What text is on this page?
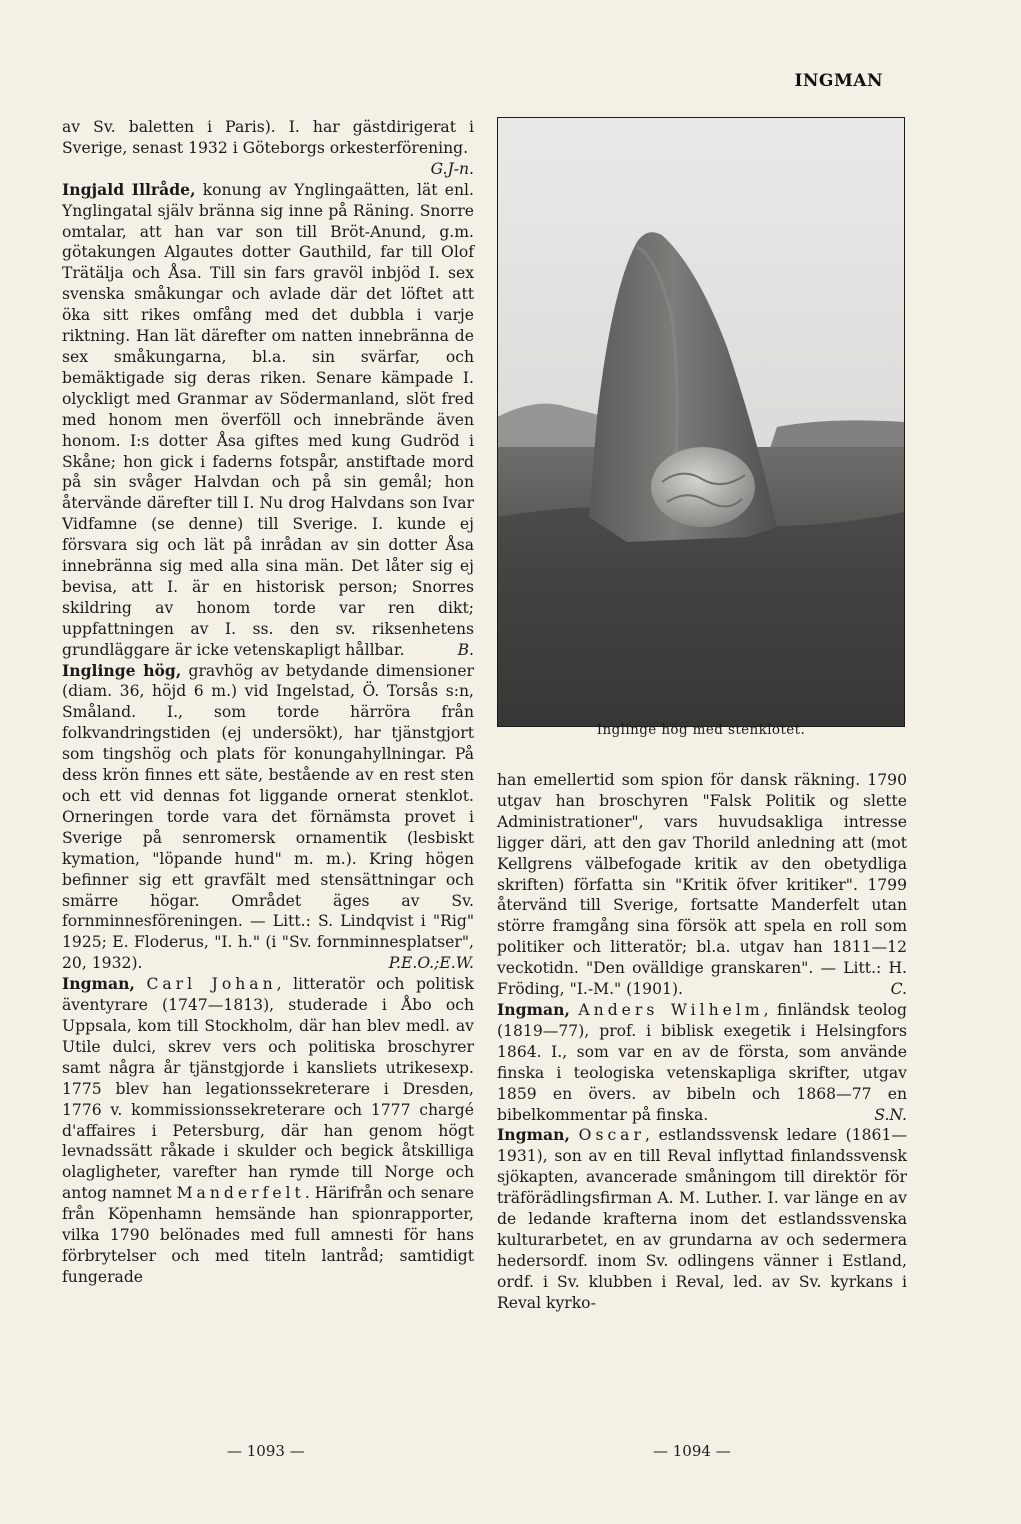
INGMAN

av Sv. baletten i Paris). I. har gästdirigerat i Sverige, senast 1932 i Göteborgs orkesterförening.
G.J-n.

Ingjald Illråde, konung av Ynglingaätten, lät enl. Ynglingatal själv bränna sig inne på Räning. Snorre omtalar, att han var son till Bröt-Anund, g.m. götakungen Algautes dotter Gauthild, far till Olof Trätälja och Åsa. Till sin fars gravöl inbjöd I. sex svenska småkungar och avlade där det löftet att öka sitt rikes omfång med det dubbla i varje riktning. Han lät därefter om natten innebränna de sex småkungarna, bl.a. sin svärfar, och bemäktigade sig deras riken. Senare kämpade I. olyckligt med Granmar av Södermanland, slöt fred med honom men överföll och innebrände även honom. I:s dotter Åsa giftes med kung Gudröd i Skåne; hon gick i faderns fotspår, anstiftade mord på sin svåger Halvdan och på sin gemål; hon återvände därefter till I. Nu drog Halvdans son Ivar Vidfamne (se denne) till Sverige. I. kunde ej försvara sig och lät på inrådan av sin dotter Åsa innebränna sig med alla sina män. Det låter sig ej bevisa, att I. är en historisk person; Snorres skildring av honom torde var ren dikt; uppfattningen av I. ss. den sv. riksenhetens grundläggare är icke vetenskapligt hållbar.	B.

Inglinge hög, gravhög av betydande dimensioner (diam. 36, höjd 6 m.) vid Ingelstad, Ö. Torsås s:n, Småland. I., som torde härröra från folkvandringstiden (ej undersökt), har tjänstgjort som tingshög och plats för konungahyllningar. På dess krön finnes ett säte, bestående av en rest sten och ett vid dennas fot liggande ornerat stenklot. Orneringen torde vara det förnämsta provet i Sverige på senromersk ornamentik (lesbiskt kymation, "löpande hund" m. m.). Kring högen befinner sig ett gravfält med stensättningar och smärre högar. Området äges av Sv. fornminnesföreningen. — Litt.: S. Lindqvist i "Rig" 1925; E. Floderus, "I. h." (i "Sv. fornminnesplatser", 20, 1932).	P.E.O.;E.W.

Ingman, Carl Johan, litteratör och politisk äventyrare (1747—1813), studerade i Åbo och Uppsala, kom till Stockholm, där han blev medl. av Utile dulci, skrev vers och politiska broschyrer samt några år tjänstgjorde i kansliets utrikesexp. 1775 blev han legationssekreterare i Dresden, 1776 v. kommissionssekreterare och 1777 chargé d'affaires i Petersburg, där han genom högt levnadssätt råkade i skulder och begick åtskilliga olagligheter, varefter han rymde till Norge och antog namnet Manderfelt. Härifrån och senare från Köpenhamn hemsände han spionrapporter, vilka 1790 belönades med full amnesti för hans förbrytelser och med titeln lantråd; samtidigt fungerade

Inglinge hög med stenklotet.

han emellertid som spion för dansk räkning. 1790 utgav han broschyren "Falsk Politik og slette Administrationer", vars huvudsakliga intresse ligger däri, att den gav Thorild anledning att (mot Kellgrens välbefogade kritik av den obetydliga skriften) författa sin "Kritik öfver kritiker". 1799 återvänd till Sverige, fortsatte Manderfelt utan större framgång sina försök att spela en roll som politiker och litteratör; bl.a. utgav han 1811—12 veckotidn. "Den ovälldige granskaren". — Litt.: H. Fröding, "I.-M." (1901).	C.

Ingman, Anders Wilhelm, finländsk teolog (1819—77), prof. i biblisk exegetik i Helsingfors 1864. I., som var en av de första, som använde finska i teologiska vetenskapliga skrifter, utgav 1859 en övers. av bibeln och 1868—77 en bibelkommentar på finska.	S.N.

Ingman, Oscar, estlandssvensk ledare (1861—1931), son av en till Reval inflyttad finlandssvensk sjökapten, avancerade småningom till direktör för träförädlingsfirman A. M. Luther. I. var länge en av de ledande krafterna inom det estlandssvenska kulturarbetet, en av grundarna av och sedermera hedersordf. inom Sv. odlingens vänner i Estland, ordf. i Sv. klubben i Reval, led. av Sv. kyrkans i Reval kyrko-

— 1093 —	— 1094 —
